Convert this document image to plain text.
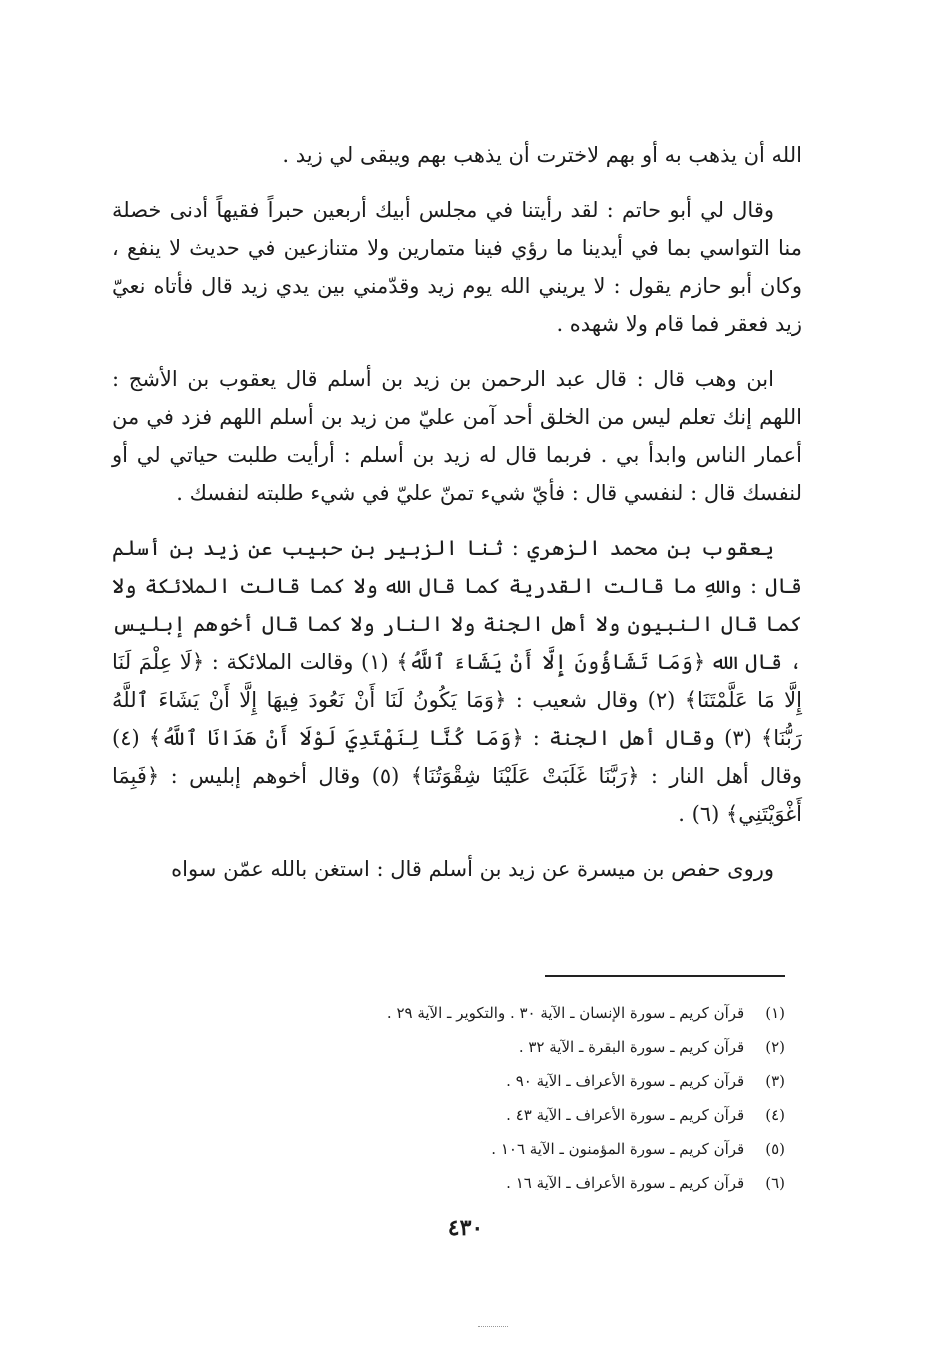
الله أن يذهب به أو بهم لاخترت أن يذهب بهم ويبقى لي زيد .

وقال لي أبو حاتم : لقد رأيتنا في مجلس أبيك أربعين حبراً فقيهاً أدنى خصلة منا التواسي بما في أيدينا ما رؤي فينا متمارين ولا متنازعين في حديث لا ينفع ، وكان أبو حازم يقول : لا يريني الله يوم زيد وقدّمني بين يدي زيد قال فأتاه نعيّ زيد فعقر فما قام ولا شهده .

ابن وهب قال : قال عبد الرحمن بن زيد بن أسلم قال يعقوب بن الأشج : اللهم إنك تعلم ليس من الخلق أحد آمن عليّ من زيد بن أسلم اللهم فزد في من أعمار الناس وابدأ بي . فربما قال له زيد بن أسلم : أرأيت طلبت حياتي لي أو لنفسك قال : لنفسي قال : فأيّ شيء تمنّ عليّ في شيء طلبته لنفسك .

يعقوب بن محمد الزهري : ثنا الزبير بن حبيب عن زيد بن أسلم قال : واللهِ ما قالت القدرية كما قال الله ولا كما قالت الملائكة ولا كما قال النبيون ولا أهل الجنة ولا النار ولا كما قال أخوهم إبليس ، قال الله ﴿وَمَا تَشَاؤُونَ إِلَّا أَنْ يَشَاءَ ٱللَّهُ﴾ (١) وقالت الملائكة : ﴿لَا عِلْمَ لَنَا إِلَّا مَا عَلَّمْتَنَا﴾ (٢) وقال شعيب : ﴿وَمَا يَكُونُ لَنَا أَنْ نَعُودَ فِيهَا إِلَّا أَنْ يَشَاءَ ٱللَّهُ رَبُّنَا﴾ (٣) وقال أهل الجنة : ﴿وَمَا كُنَّا لِنَهْتَدِيَ لَوْلَا أَنْ هَدَانَا ٱللَّهُ﴾ (٤) وقال أهل النار : ﴿رَبَّنَا غَلَبَتْ عَلَيْنَا شِقْوَتُنَا﴾ (٥) وقال أخوهم إبليس : ﴿فَبِمَا أَغْوَيْتَنِي﴾ (٦) .

وروى حفص بن ميسرة عن زيد بن أسلم قال : استغن بالله عمّن سواه

(١) قرآن كريم ـ سورة الإنسان ـ الآية ٣٠ . والتكوير ـ الآية ٢٩ .
(٢) قرآن كريم ـ سورة البقرة ـ الآية ٣٢ .
(٣) قرآن كريم ـ سورة الأعراف ـ الآية ٩٠ .
(٤) قرآن كريم ـ سورة الأعراف ـ الآية ٤٣ .
(٥) قرآن كريم ـ سورة المؤمنون ـ الآية ١٠٦ .
(٦) قرآن كريم ـ سورة الأعراف ـ الآية ١٦ .
٤٣٠
